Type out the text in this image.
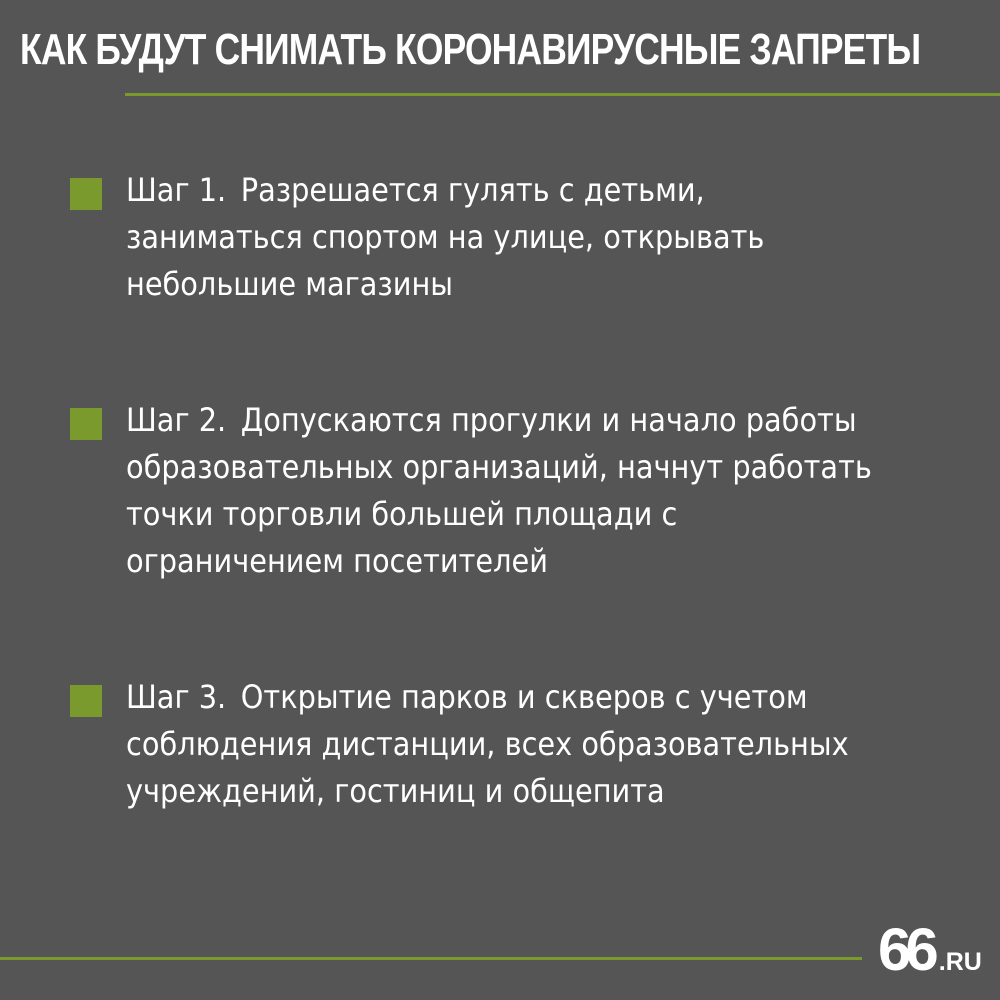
КАК БУДУТ СНИМАТЬ КОРОНАВИРУСНЫЕ ЗАПРЕТЫ
Шаг 1. Разрешается гулять с детьми,
заниматься спортом на улице, открывать
небольшие магазины
Шаг 2. Допускаются прогулки и начало работы
образовательных организаций, начнут работать
точки торговли большей площади с
ограничением посетителей
Шаг 3. Открытие парков и скверов с учетом
соблюдения дистанции, всех образовательных
учреждений, гостиниц и общепита
66 .RU
